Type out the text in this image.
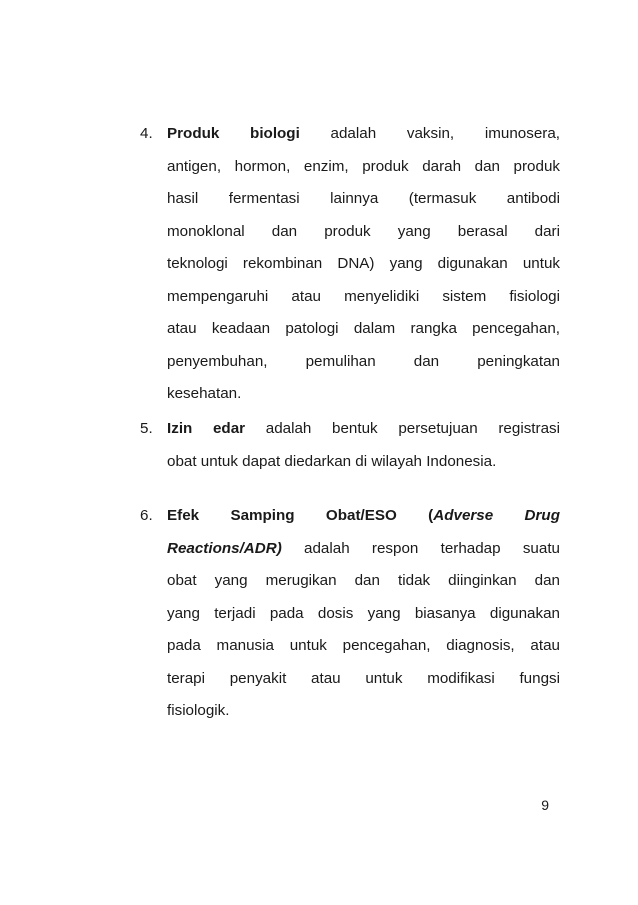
4. Produk biologi adalah vaksin, imunosera,
antigen, hormon, enzim, produk darah dan produk
hasil fermentasi lainnya (termasuk antibodi
monoklonal dan produk yang berasal dari
teknologi rekombinan DNA) yang digunakan untuk
mempengaruhi atau menyelidiki sistem fisiologi
atau keadaan patologi dalam rangka pencegahan,
penyembuhan, pemulihan dan peningkatan
kesehatan.
5. Izin edar adalah bentuk persetujuan registrasi
obat untuk dapat diedarkan di wilayah Indonesia.
6. Efek Samping Obat/ESO (Adverse Drug
Reactions/ADR) adalah respon terhadap suatu
obat yang merugikan dan tidak diinginkan dan
yang terjadi pada dosis yang biasanya digunakan
pada manusia untuk pencegahan, diagnosis, atau
terapi penyakit atau untuk modifikasi fungsi
fisiologik.
9
